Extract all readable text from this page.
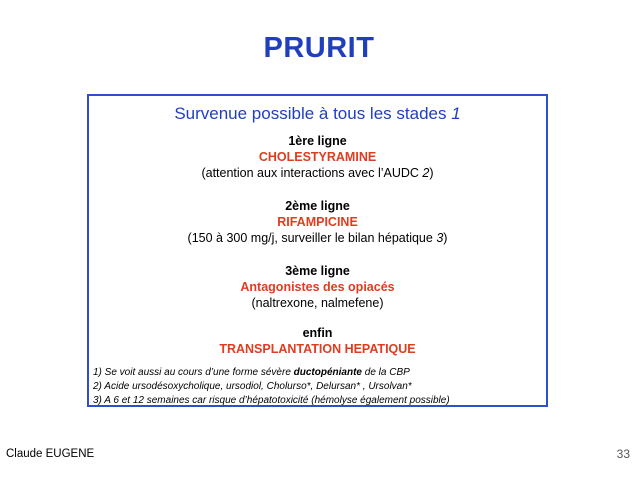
PRURIT
Survenue possible à tous les stades 1
1ère ligne
CHOLESTYRAMINE
(attention aux interactions avec l’AUDC 2)
2ème ligne
RIFAMPICINE
(150 à 300 mg/j, surveiller le bilan hépatique 3)
3ème ligne
Antagonistes des opiacés
(naltrexone, nalmefene)
enfin
TRANSPLANTATION HEPATIQUE
1) Se voit aussi au cours d’une forme sévère ductopéniante de la CBP
2) Acide ursodésoxycholique, ursodiol, Cholurso*, Delursan* , Ursolvan*
3) A 6 et 12 semaines car risque d’hépatotoxicité (hémolyse également possible)
Claude EUGENE	33
